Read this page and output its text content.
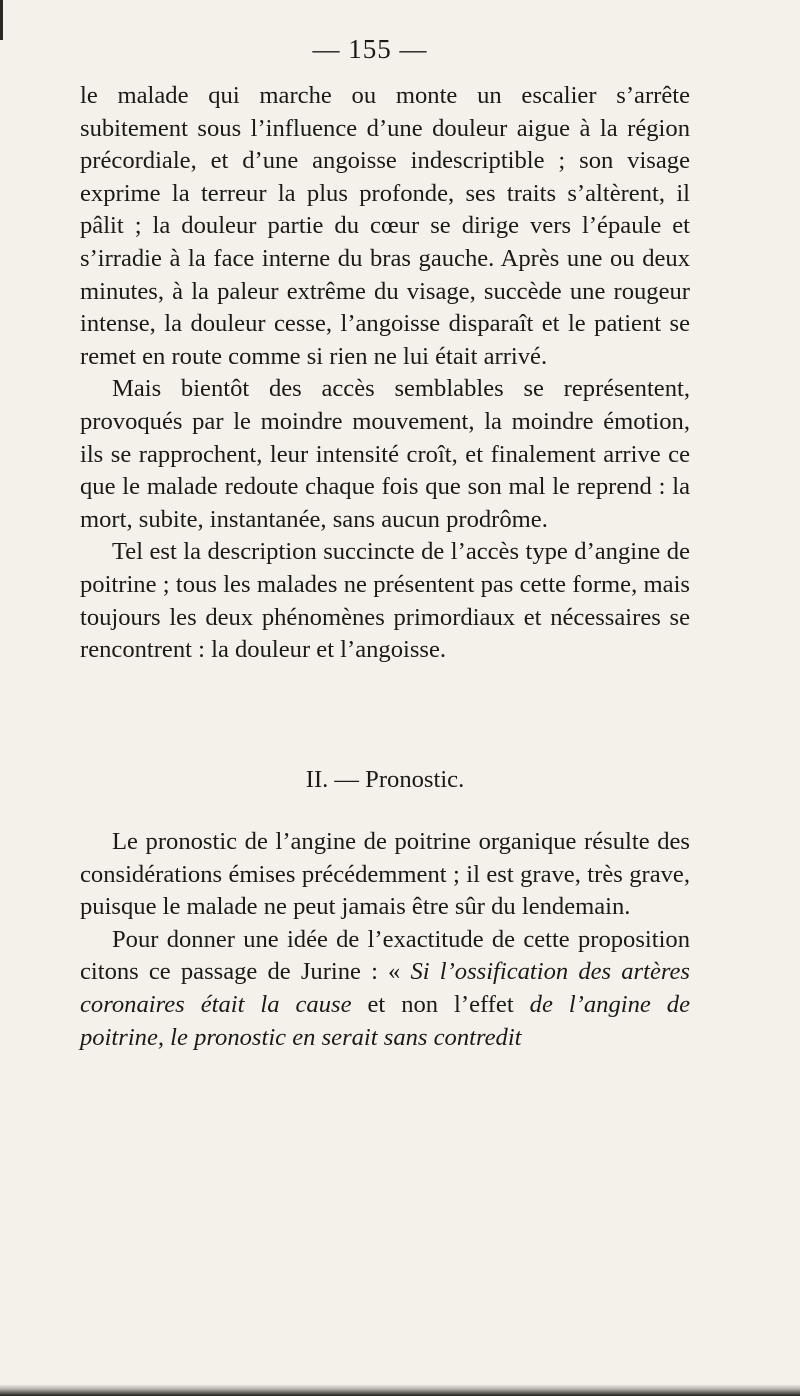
— 155 —

le malade qui marche ou monte un escalier s’arrête subitement sous l’influence d’une douleur aigue à la région précordiale, et d’une angoisse indescriptible ; son visage exprime la terreur la plus profonde, ses traits s’altèrent, il pâlit ; la douleur partie du cœur se dirige vers l’épaule et s’irradie à la face interne du bras gauche. Après une ou deux minutes, à la paleur extrême du visage, succède une rougeur intense, la douleur cesse, l’angoisse disparaît et le patient se remet en route comme si rien ne lui était arrivé.

Mais bientôt des accès semblables se représentent, provoqués par le moindre mouvement, la moindre émotion, ils se rapprochent, leur intensité croît, et finalement arrive ce que le malade redoute chaque fois que son mal le reprend : la mort, subite, instantanée, sans aucun prodrôme.

Tel est la description succincte de l’accès type d’angine de poitrine ; tous les malades ne présentent pas cette forme, mais toujours les deux phénomènes primordiaux et nécessaires se rencontrent : la douleur et l’angoisse.

II. — Pronostic.

Le pronostic de l’angine de poitrine organique résulte des considérations émises précédemment ; il est grave, très grave, puisque le malade ne peut jamais être sûr du lendemain.

Pour donner une idée de l’exactitude de cette proposition citons ce passage de Jurine : « Si l’ossification des artères coronaires était la cause et non l’effet de l’angine de poitrine, le pronostic en serait sans contredit
